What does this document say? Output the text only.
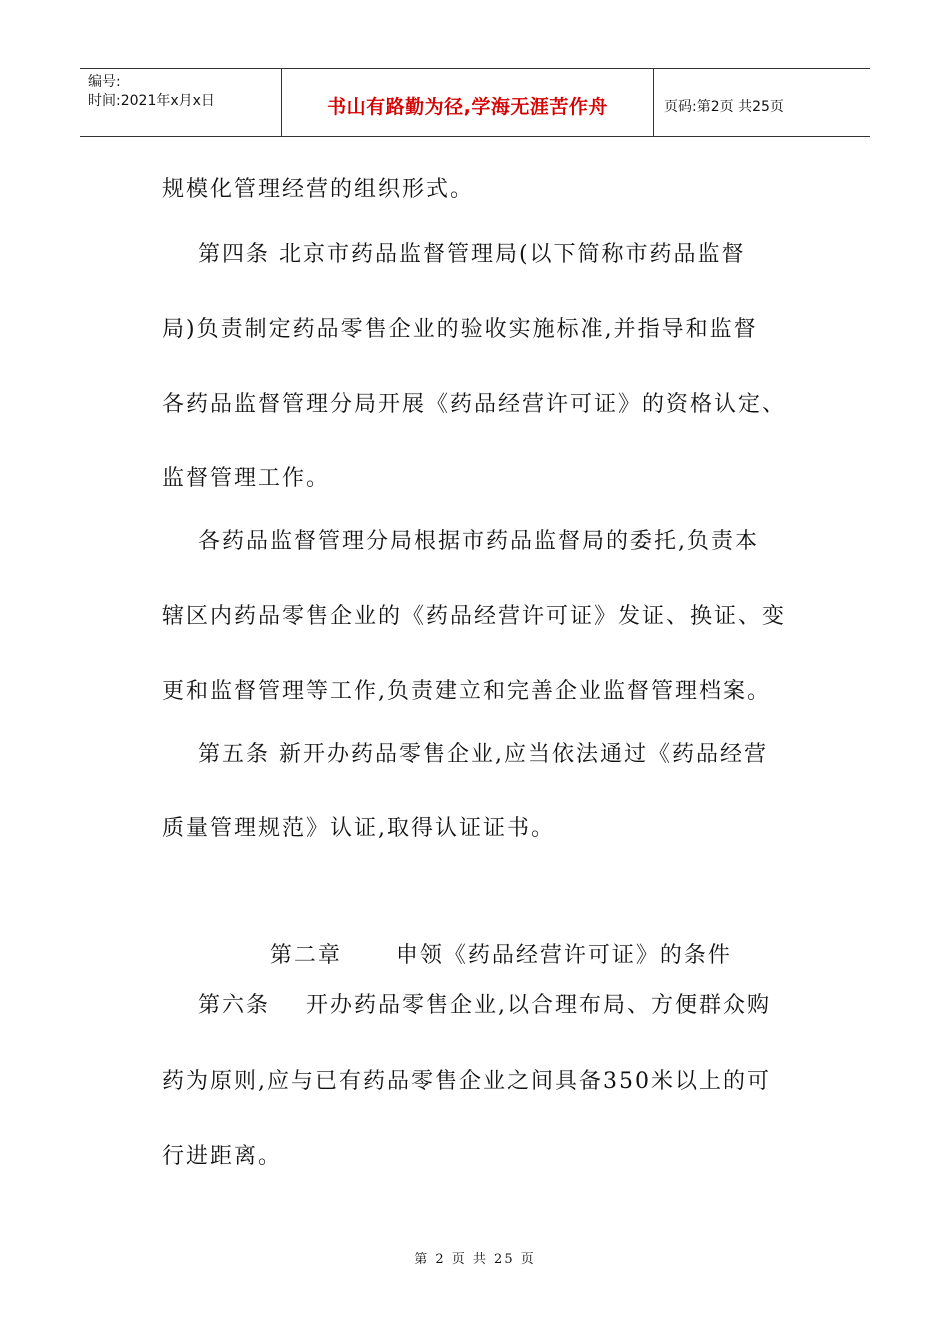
编号:
时间:2021年x月x日	书山有路勤为径,学海无涯苦作舟	页码:第2页 共25页
规模化管理经营的组织形式。
第四条 北京市药品监督管理局(以下简称市药品监督
局)负责制定药品零售企业的验收实施标准,并指导和监督
各药品监督管理分局开展《药品经营许可证》的资格认定、
监督管理工作。
各药品监督管理分局根据市药品监督局的委托,负责本
辖区内药品零售企业的《药品经营许可证》发证、换证、变
更和监督管理等工作,负责建立和完善企业监督管理档案。
第五条 新开办药品零售企业,应当依法通过《药品经营
质量管理规范》认证,取得认证证书。
第二章      申领《药品经营许可证》的条件
第六条    开办药品零售企业,以合理布局、方便群众购
药为原则,应与已有药品零售企业之间具备350米以上的可
行进距离。
第 2 页 共 25 页
